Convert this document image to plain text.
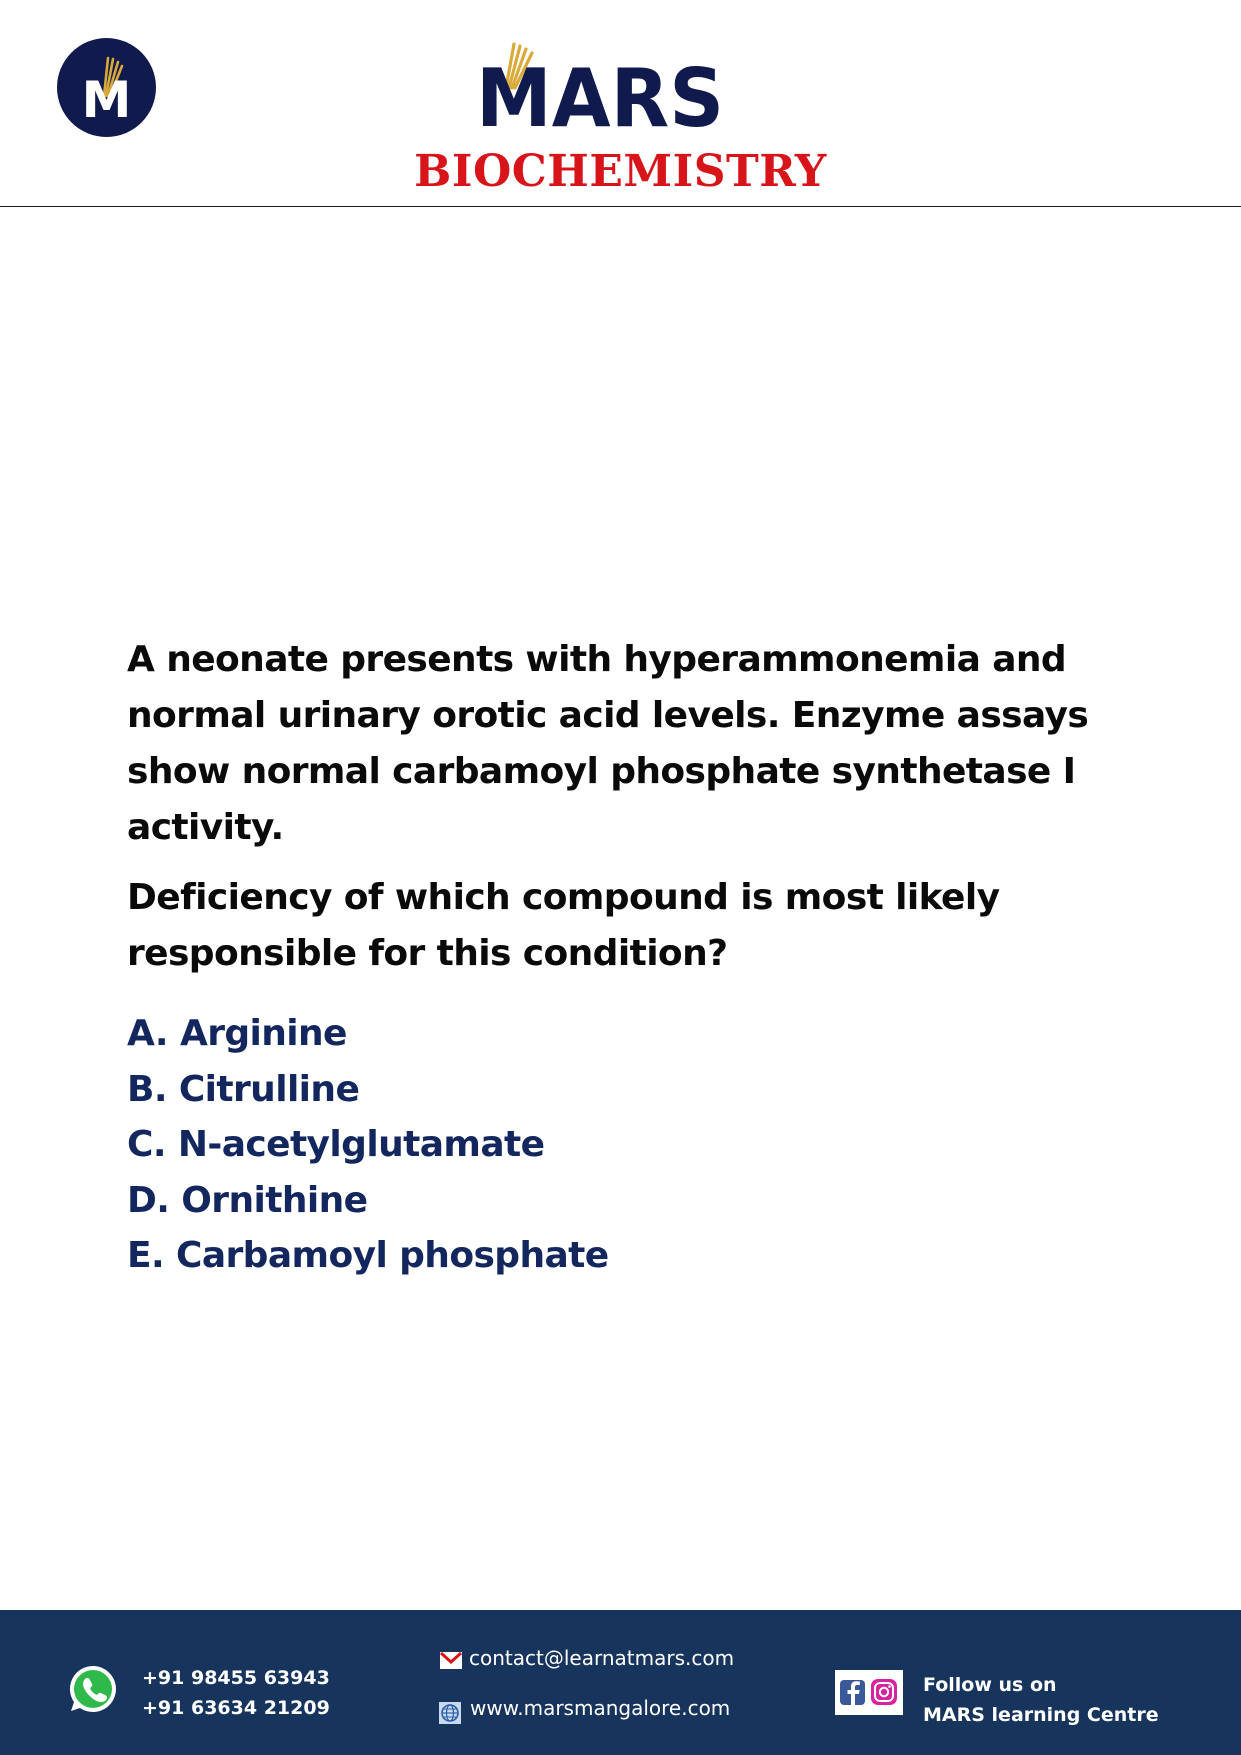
M	MARS
BIOCHEMISTRY

A neonate presents with hyperammonemia and normal urinary orotic acid levels. Enzyme assays show normal carbamoyl phosphate synthetase I activity.

Deficiency of which compound is most likely responsible for this condition?

A. Arginine
B. Citrulline
C. N-acetylglutamate
D. Ornithine
E. Carbamoyl phosphate
+91 98455 63943
+91 63634 21209
contact@learnatmars.com
www.marsmangalore.com
Follow us on
MARS learning Centre
